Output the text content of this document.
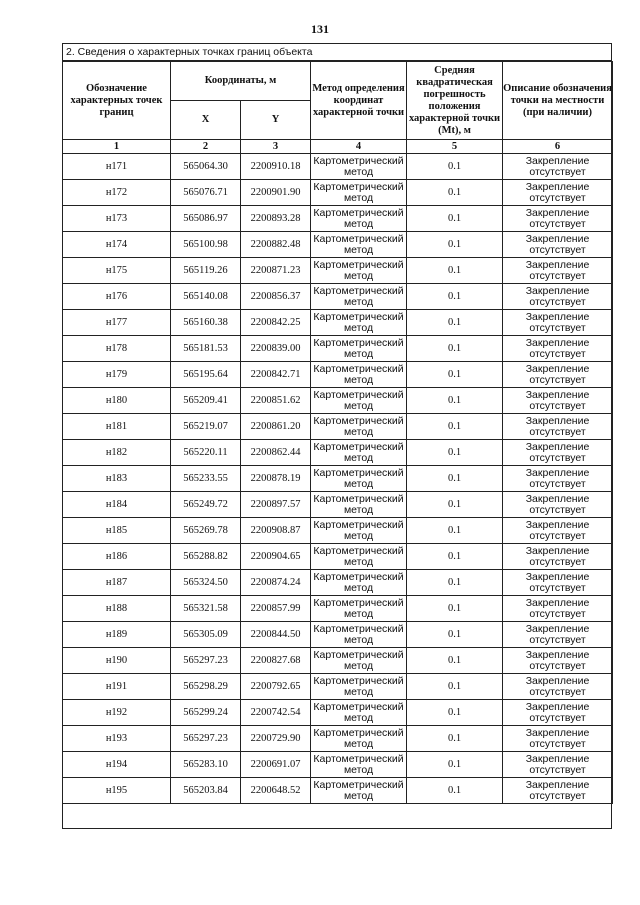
131
2. Сведения о характерных точках границ объекта
Обозначение характерных точек границ	Координаты, м		Метод определения координат характерной точки	Средняя квадратическая погрешность положения характерной точки (Mt), м	Описание обозначения точки на местности (при наличии)
	X	Y			
1	2	3	4	5	6
н171	565064.30	2200910.18	Картометрический метод	0.1	Закрепление отсутствует
н172	565076.71	2200901.90	Картометрический метод	0.1	Закрепление отсутствует
н173	565086.97	2200893.28	Картометрический метод	0.1	Закрепление отсутствует
н174	565100.98	2200882.48	Картометрический метод	0.1	Закрепление отсутствует
н175	565119.26	2200871.23	Картометрический метод	0.1	Закрепление отсутствует
н176	565140.08	2200856.37	Картометрический метод	0.1	Закрепление отсутствует
н177	565160.38	2200842.25	Картометрический метод	0.1	Закрепление отсутствует
н178	565181.53	2200839.00	Картометрический метод	0.1	Закрепление отсутствует
н179	565195.64	2200842.71	Картометрический метод	0.1	Закрепление отсутствует
н180	565209.41	2200851.62	Картометрический метод	0.1	Закрепление отсутствует
н181	565219.07	2200861.20	Картометрический метод	0.1	Закрепление отсутствует
н182	565220.11	2200862.44	Картометрический метод	0.1	Закрепление отсутствует
н183	565233.55	2200878.19	Картометрический метод	0.1	Закрепление отсутствует
н184	565249.72	2200897.57	Картометрический метод	0.1	Закрепление отсутствует
н185	565269.78	2200908.87	Картометрический метод	0.1	Закрепление отсутствует
н186	565288.82	2200904.65	Картометрический метод	0.1	Закрепление отсутствует
н187	565324.50	2200874.24	Картометрический метод	0.1	Закрепление отсутствует
н188	565321.58	2200857.99	Картометрический метод	0.1	Закрепление отсутствует
н189	565305.09	2200844.50	Картометрический метод	0.1	Закрепление отсутствует
н190	565297.23	2200827.68	Картометрический метод	0.1	Закрепление отсутствует
н191	565298.29	2200792.65	Картометрический метод	0.1	Закрепление отсутствует
н192	565299.24	2200742.54	Картометрический метод	0.1	Закрепление отсутствует
н193	565297.23	2200729.90	Картометрический метод	0.1	Закрепление отсутствует
н194	565283.10	2200691.07	Картометрический метод	0.1	Закрепление отсутствует
н195	565203.84	2200648.52	Картометрический метод	0.1	Закрепление отсутствует
